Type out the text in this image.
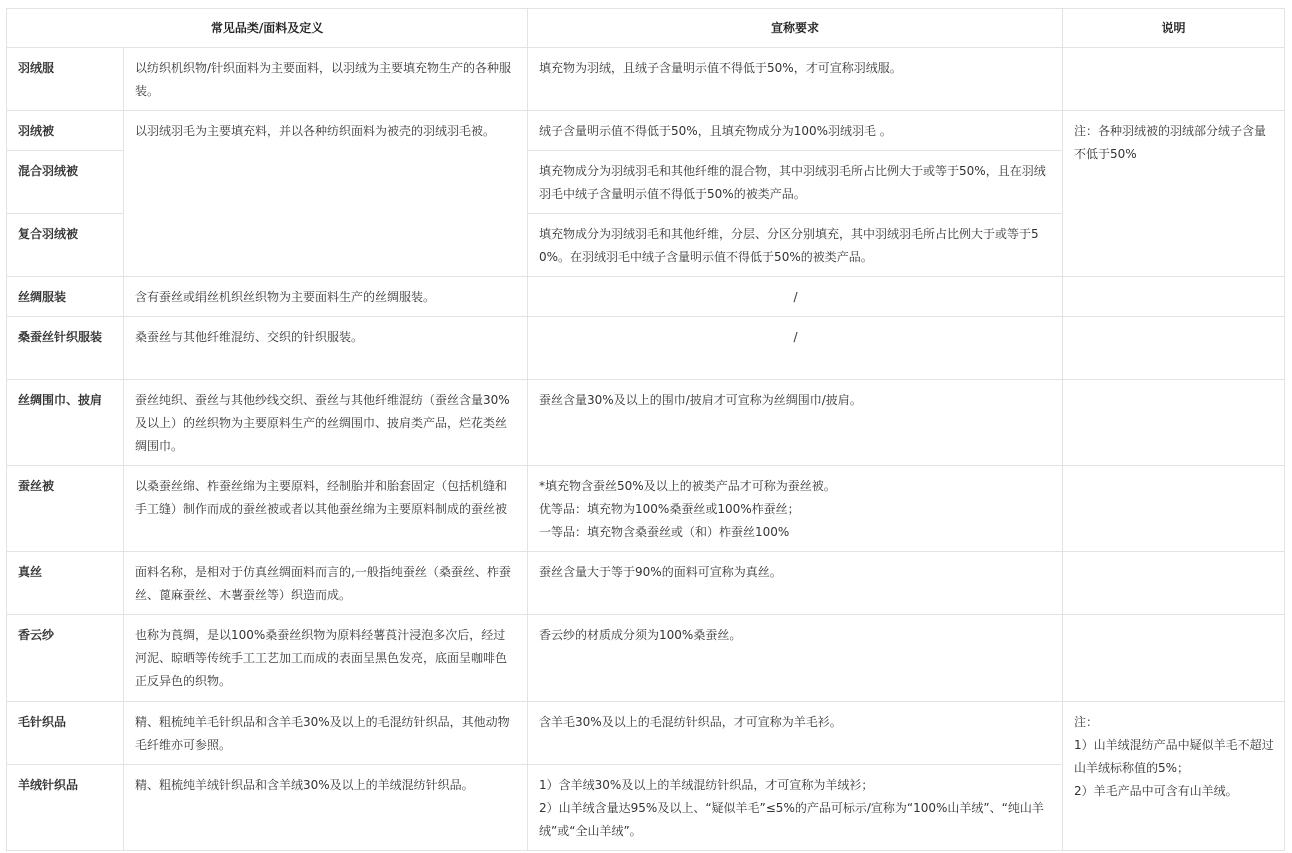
常见品类/面料及定义		宣称要求	说明
羽绒服	以纺织机织物/针织面料为主要面料，以羽绒为主要填充物生产的各种服装。	填充物为羽绒，且绒子含量明示值不得低于50%，才可宣称羽绒服。	
羽绒被	以羽绒羽毛为主要填充料，并以各种纺织面料为被壳的羽绒羽毛被。	绒子含量明示值不得低于50%，且填充物成分为100%羽绒羽毛 。	注：各种羽绒被的羽绒部分绒子含量不低于50%
混合羽绒被		填充物成分为羽绒羽毛和其他纤维的混合物，其中羽绒羽毛所占比例大于或等于50%，且在羽绒羽毛中绒子含量明示值不得低于50%的被类产品。	
复合羽绒被		填充物成分为羽绒羽毛和其他纤维，分层、分区分别填充，其中羽绒羽毛所占比例大于或等于50%。在羽绒羽毛中绒子含量明示值不得低于50%的被类产品。	
丝绸服装	含有蚕丝或绢丝机织丝织物为主要面料生产的丝绸服装。	/	
桑蚕丝针织服装	桑蚕丝与其他纤维混纺、交织的针织服装。	/	
丝绸围巾、披肩	蚕丝纯织、蚕丝与其他纱线交织、蚕丝与其他纤维混纺（蚕丝含量30%及以上）的丝织物为主要原料生产的丝绸围巾、披肩类产品，烂花类丝绸围巾。	蚕丝含量30%及以上的围巾/披肩才可宣称为丝绸围巾/披肩。	
蚕丝被	以桑蚕丝绵、柞蚕丝绵为主要原料，经制胎并和胎套固定（包括机缝和手工缝）制作而成的蚕丝被或者以其他蚕丝绵为主要原料制成的蚕丝被	*填充物含蚕丝50%及以上的被类产品才可称为蚕丝被。
优等品：填充物为100%桑蚕丝或100%柞蚕丝；
一等品：填充物含桑蚕丝或（和）柞蚕丝100%	

真丝	面料名称，是相对于仿真丝绸面料而言的,一般指纯蚕丝（桑蚕丝、柞蚕丝、蓖麻蚕丝、木薯蚕丝等）织造而成。	蚕丝含量大于等于90%的面料可宣称为真丝。	
香云纱	也称为莨绸，是以100%桑蚕丝织物为原料经薯莨汁浸泡多次后，经过河泥、晾晒等传统手工工艺加工而成的表面呈黑色发亮，底面呈咖啡色正反异色的织物。	香云纱的材质成分须为100%桑蚕丝。	
毛针织品	精、粗梳纯羊毛针织品和含羊毛30%及以上的毛混纺针织品，其他动物毛纤维亦可参照。	含羊毛30%及以上的毛混纺针织品，才可宣称为羊毛衫。	注：
1）山羊绒混纺产品中疑似羊毛不超过山羊绒标称值的5%；
2）羊毛产品中可含有山羊绒。

羊绒针织品	精、粗梳纯羊绒针织品和含羊绒30%及以上的羊绒混纺针织品。	1）含羊绒30%及以上的羊绒混纺针织品，才可宣称为羊绒衫；
2）山羊绒含量达95%及以上、“疑似羊毛”≤5%的产品可标示/宣称为“100%山羊绒”、“纯山羊绒”或“全山羊绒”。	
